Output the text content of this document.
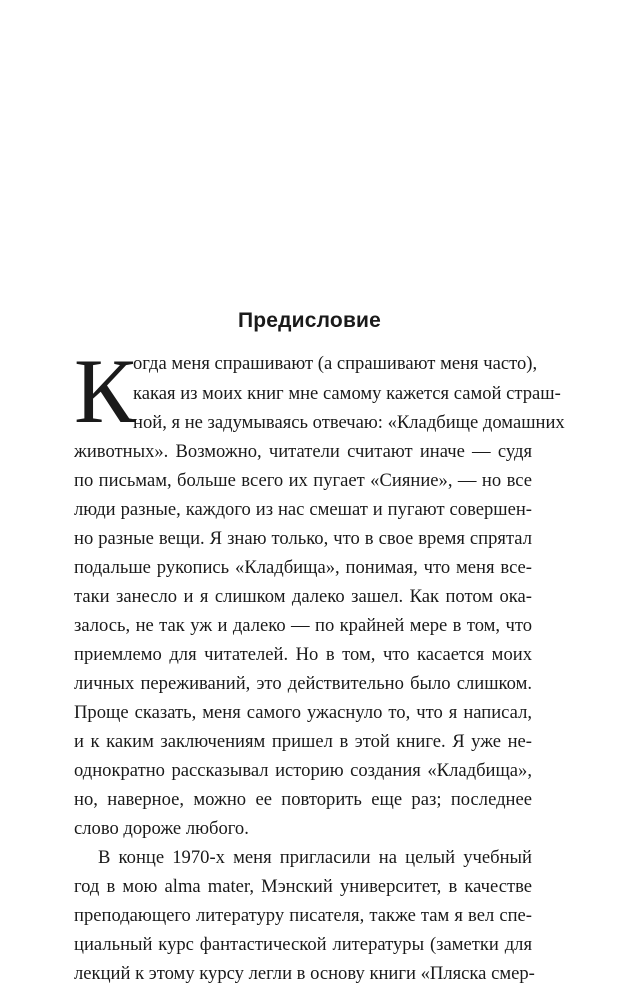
Предисловие
К
огда меня спрашивают (а спрашивают меня часто),
какая из моих книг мне самому кажется самой страш-
ной, я не задумываясь отвечаю: «Кладбище домашних
животных». Возможно, читатели считают иначе — судя
по письмам, больше всего их пугает «Сияние», — но все
люди разные, каждого из нас смешат и пугают совершен-
но разные вещи. Я знаю только, что в свое время спрятал
подальше рукопись «Кладбища», понимая, что меня все-
таки занесло и я слишком далеко зашел. Как потом ока-
залось, не так уж и далеко — по крайней мере в том, что
приемлемо для читателей. Но в том, что касается моих
личных переживаний, это действительно было слишком.
Проще сказать, меня самого ужаснуло то, что я написал,
и к каким заключениям пришел в этой книге. Я уже не-
однократно рассказывал историю создания «Кладбища»,
но, наверное, можно ее повторить еще раз; последнее
слово дороже любого.
В конце 1970-х меня пригласили на целый учебный
год в мою alma mater, Мэнский университет, в качестве
преподающего литературу писателя, также там я вел спе-
циальный курс фантастической литературы (заметки для
лекций к этому курсу легли в основу книги «Пляска смер-
